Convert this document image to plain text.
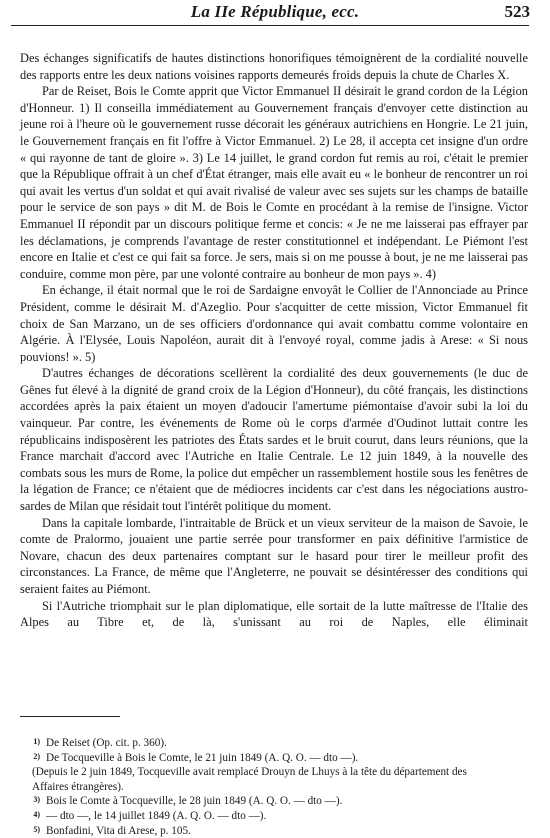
La IIe République, ecc.	523

Des échanges significatifs de hautes distinctions honorifiques témoignèrent de la cordialité nouvelle des rapports entre les deux nations voisines rapports demeurés froids depuis la chute de Charles X.

Par de Reiset, Bois le Comte apprit que Victor Emmanuel II désirait le grand cordon de la Légion d'Honneur. 1) Il conseilla immédiatement au Gouvernement français d'envoyer cette distinction au jeune roi à l'heure où le gouvernement russe décorait les généraux autrichiens en Hongrie. Le 21 juin, le Gouvernement français en fit l'offre à Victor Emmanuel. 2) Le 28, il accepta cet insigne d'un ordre « qui rayonne de tant de gloire ». 3) Le 14 juillet, le grand cordon fut remis au roi, c'était le premier que la République offrait à un chef d'État étranger, mais elle avait eu « le bonheur de rencontrer un roi qui avait les vertus d'un soldat et qui avait rivalisé de valeur avec ses sujets sur les champs de bataille pour le service de son pays » dit M. de Bois le Comte en procédant à la remise de l'insigne. Victor Emmanuel II répondit par un discours politique ferme et concis: « Je ne me laisserai pas effrayer par les déclamations, je comprends l'avantage de rester constitutionnel et indépendant. Le Piémont l'est encore en Italie et c'est ce qui fait sa force. Je sers, mais si on me pousse à bout, je ne me laisserai pas conduire, comme mon père, par une volonté contraire au bonheur de mon pays ». 4)

En échange, il était normal que le roi de Sardaigne envoyât le Collier de l'Annonciade au Prince Président, comme le désirait M. d'Azeglio. Pour s'acquitter de cette mission, Victor Emmanuel fit choix de San Marzano, un de ses officiers d'ordonnance qui avait combattu comme volontaire en Algérie. À l'Elysée, Louis Napoléon, aurait dit à l'envoyé royal, comme jadis à Arese: « Si nous pouvions! ». 5)

D'autres échanges de décorations scellèrent la cordialité des deux gouvernements (le duc de Gênes fut élevé à la dignité de grand croix de la Légion d'Honneur), du côté français, les distinctions accordées après la paix étaient un moyen d'adoucir l'amertume piémontaise d'avoir subi la loi du vainqueur. Par contre, les événements de Rome où le corps d'armée d'Oudinot luttait contre les républicains indisposèrent les patriotes des États sardes et le bruit courut, dans leurs réunions, que la France marchait d'accord avec l'Autriche en Italie Centrale. Le 12 juin 1849, à la nouvelle des combats sous les murs de Rome, la police dut empêcher un rassemblement hostile sous les fenêtres de la légation de France; ce n'étaient que de médiocres incidents car c'est dans les négociations austro-sardes de Milan que résidait tout l'intérêt politique du moment.

Dans la capitale lombarde, l'intraitable de Brück et un vieux serviteur de la maison de Savoie, le comte de Pralormo, jouaient une partie serrée pour transformer en paix définitive l'armistice de Novare, chacun des deux partenaires comptant sur le hasard pour tirer le meilleur profit des circonstances. La France, de même que l'Angleterre, ne pouvait se désintéresser des conditions qui seraient faites au Piémont.

Si l'Autriche triomphait sur le plan diplomatique, elle sortait de la lutte maîtresse de l'Italie des Alpes au Tibre et, de là, s'unissant au roi de Naples, elle éliminait

1) De Reiset (Op. cit. p. 360).
2) De Tocqueville à Bois le Comte, le 21 juin 1849 (A. Q. O. — dto —).
(Depuis le 2 juin 1849, Tocqueville avait remplacé Drouyn de Lhuys à la tête du département des Affaires étrangères).
3) Bois le Comte à Tocqueville, le 28 juin 1849 (A. Q. O. — dto —).
4) — dto —, le 14 juillet 1849 (A. Q. O. — dto —).
5) Bonfadini, Vita di Arese, p. 105.
